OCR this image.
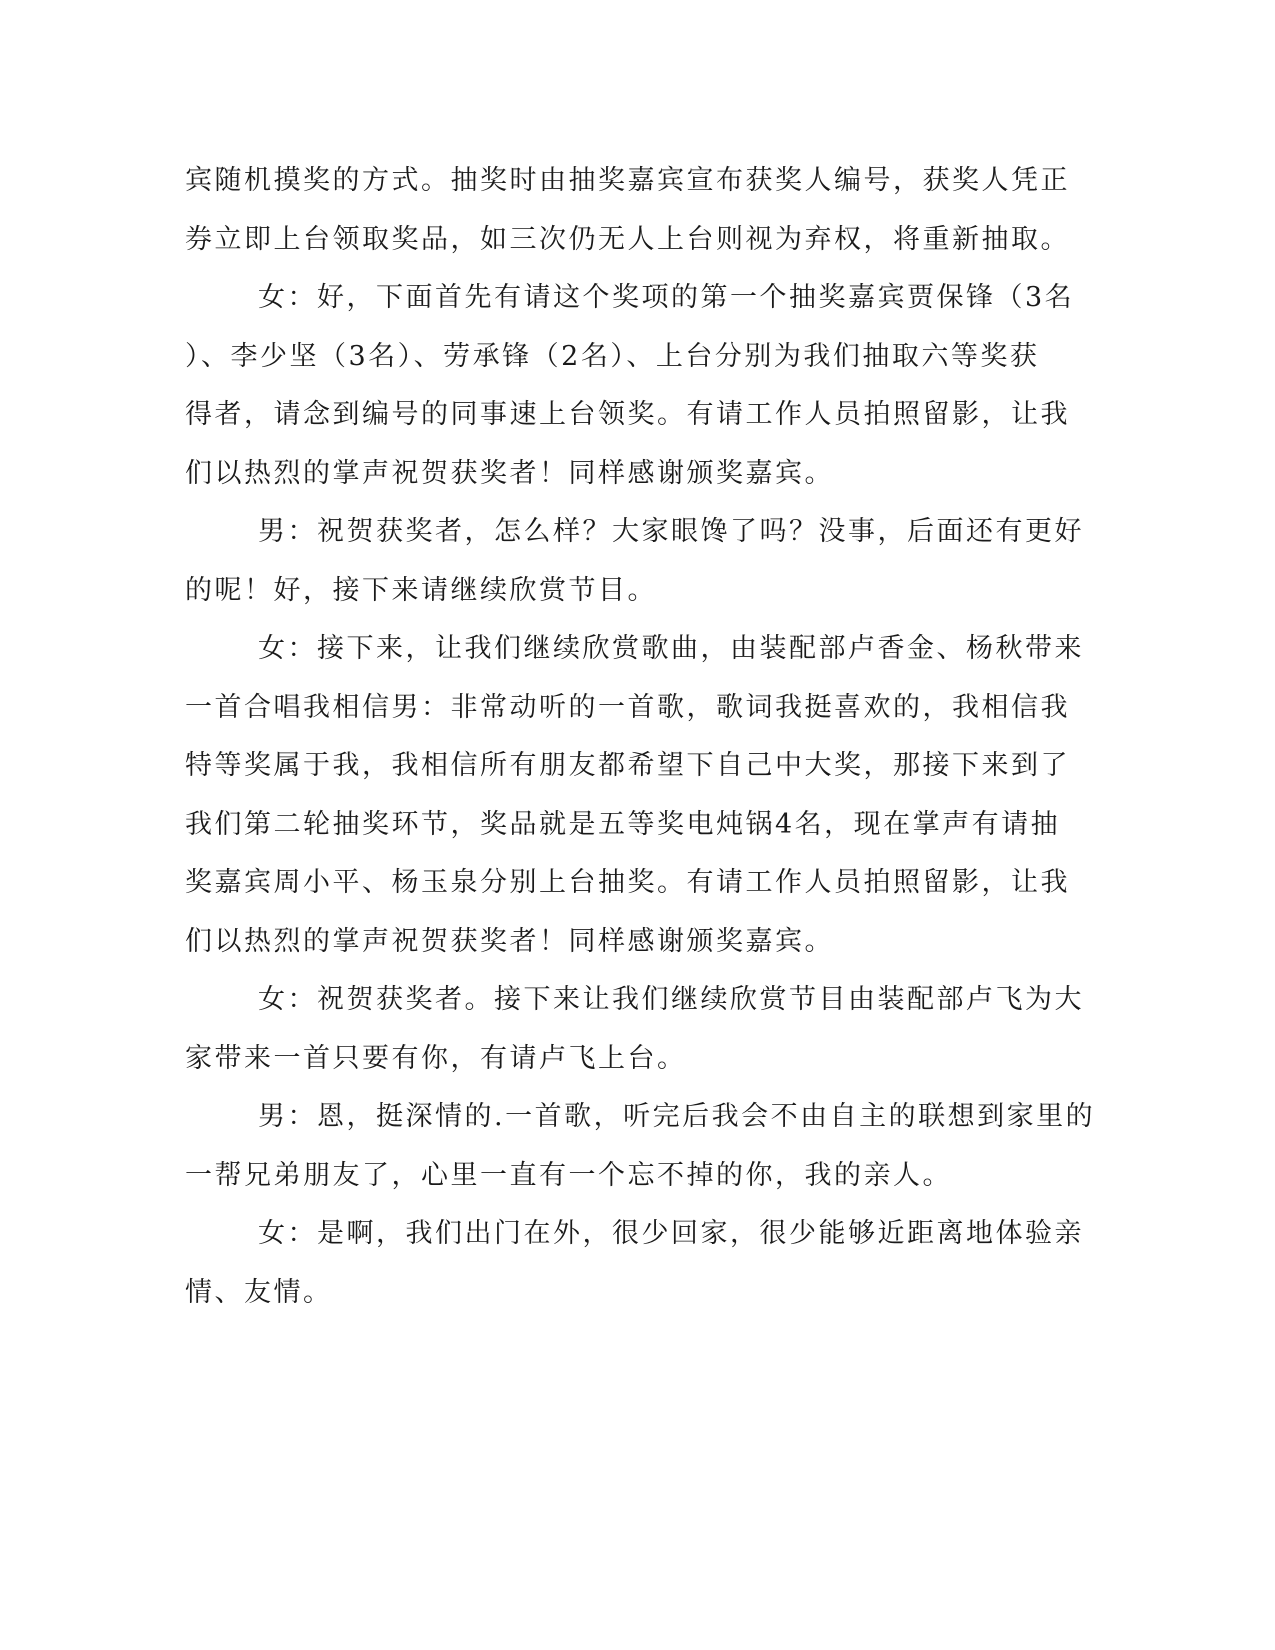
宾随机摸奖的方式。抽奖时由抽奖嘉宾宣布获奖人编号，获奖人凭正
券立即上台领取奖品，如三次仍无人上台则视为弃权，将重新抽取。

女：好，下面首先有请这个奖项的第一个抽奖嘉宾贾保锋（3名
）、李少坚（3名）、劳承锋（2名）、上台分别为我们抽取六等奖获
得者，请念到编号的同事速上台领奖。有请工作人员拍照留影，让我
们以热烈的掌声祝贺获奖者！同样感谢颁奖嘉宾。

男：祝贺获奖者，怎么样？大家眼馋了吗？没事，后面还有更好
的呢！好，接下来请继续欣赏节目。

女：接下来，让我们继续欣赏歌曲，由装配部卢香金、杨秋带来
一首合唱我相信男：非常动听的一首歌，歌词我挺喜欢的，我相信我
特等奖属于我，我相信所有朋友都希望下自己中大奖，那接下来到了
我们第二轮抽奖环节，奖品就是五等奖电炖锅4名，现在掌声有请抽
奖嘉宾周小平、杨玉泉分别上台抽奖。有请工作人员拍照留影，让我
们以热烈的掌声祝贺获奖者！同样感谢颁奖嘉宾。

女：祝贺获奖者。接下来让我们继续欣赏节目由装配部卢飞为大
家带来一首只要有你，有请卢飞上台。

男：恩，挺深情的.一首歌，听完后我会不由自主的联想到家里的
一帮兄弟朋友了，心里一直有一个忘不掉的你，我的亲人。

女：是啊，我们出门在外，很少回家，很少能够近距离地体验亲
情、友情。
